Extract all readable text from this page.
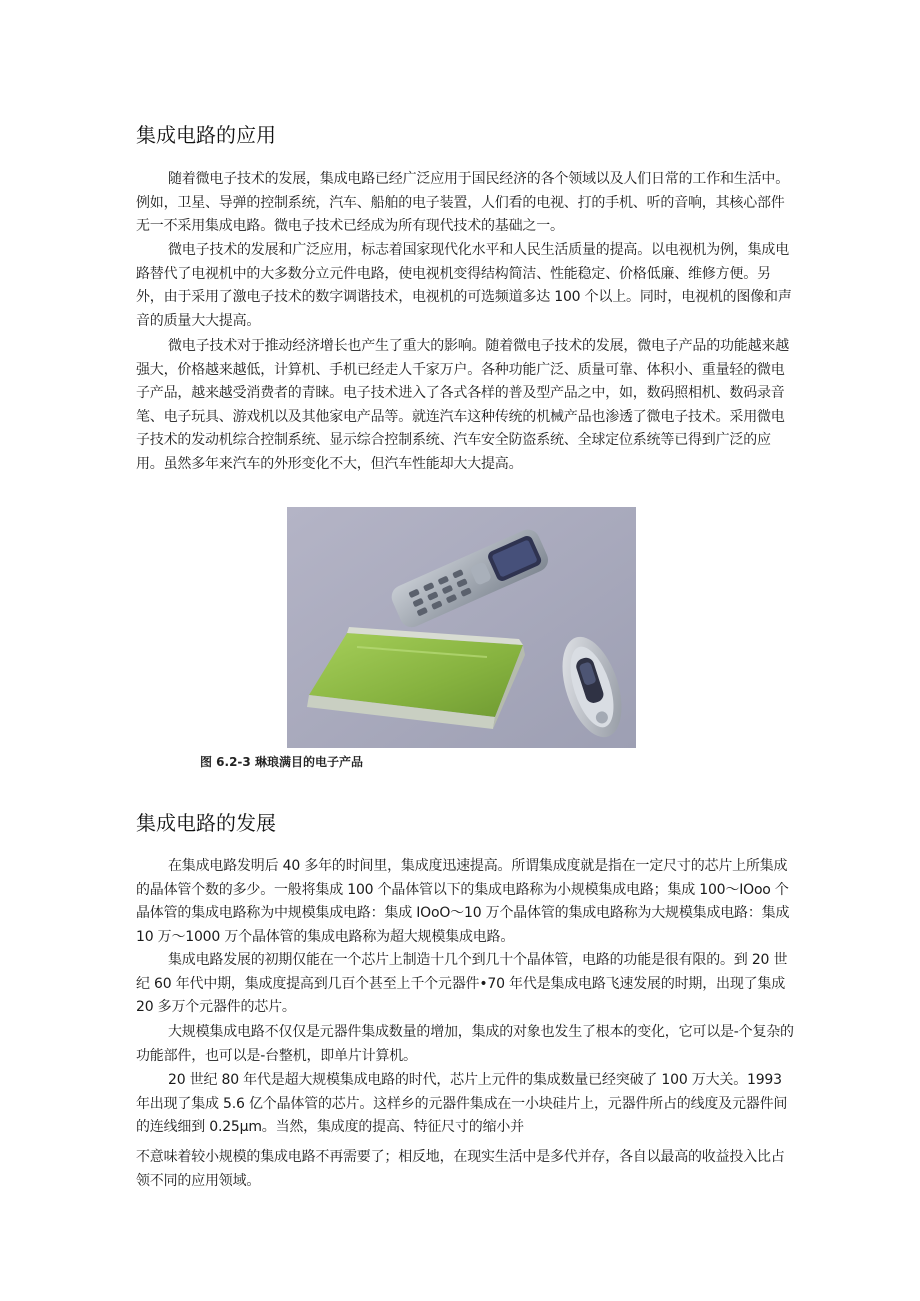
集成电路的应用

随着微电子技术的发展，集成电路已经广泛应用于国民经济的各个领域以及人们日常的工作和生活中。例如，卫星、导弹的控制系统，汽车、船舶的电子装置，人们看的电视、打的手机、听的音响，其核心部件无一不采用集成电路。微电子技术已经成为所有现代技术的基础之一。

微电子技术的发展和广泛应用，标志着国家现代化水平和人民生活质量的提高。以电视机为例，集成电路替代了电视机中的大多数分立元件电路，使电视机变得结构简洁、性能稳定、价格低廉、维修方便。另外，由于采用了激电子技术的数字调谐技术，电视机的可选频道多达 100 个以上。同时，电视机的图像和声音的质量大大提高。

微电子技术对于推动经济增长也产生了重大的影响。随着微电子技术的发展，微电子产品的功能越来越强大，价格越来越低，计算机、手机已经走人千家万户。各种功能广泛、质量可靠、体积小、重量轻的微电子产品，越来越受消费者的青睐。电子技术进入了各式各样的普及型产品之中，如，数码照相机、数码录音笔、电子玩具、游戏机以及其他家电产品等。就连汽车这种传统的机械产品也渗透了微电子技术。采用微电子技术的发动机综合控制系统、显示综合控制系统、汽车安全防盗系统、全球定位系统等已得到广泛的应用。虽然多年来汽车的外形变化不大，但汽车性能却大大提高。

图 6.2-3 琳琅满目的电子产品

集成电路的发展

在集成电路发明后 40 多年的时间里，集成度迅速提高。所谓集成度就是指在一定尺寸的芯片上所集成的晶体管个数的多少。一般将集成 100 个晶体管以下的集成电路称为小规模集成电路；集成 100～IOoo 个晶体管的集成电路称为中规模集成电路：集成 IOoO～10 万个晶体管的集成电路称为大规模集成电路：集成 10 万～1000 万个晶体管的集成电路称为超大规模集成电路。

集成电路发展的初期仅能在一个芯片上制造十几个到几十个晶体管，电路的功能是很有限的。到 20 世纪 60 年代中期，集成度提高到几百个甚至上千个元器件•70 年代是集成电路飞速发展的时期，出现了集成 20 多万个元器件的芯片。

大规模集成电路不仅仅是元器件集成数量的增加，集成的对象也发生了根本的变化，它可以是-个复杂的功能部件，也可以是-台整机，即单片计算机。

20 世纪 80 年代是超大规模集成电路的时代，芯片上元件的集成数量已经突破了 100 万大关。1993 年出现了集成 5.6 亿个晶体管的芯片。这样乡的元器件集成在一小块硅片上，元器件所占的线度及元器件间的连线细到 0.25μm。当然，集成度的提高、特征尺寸的缩小并

不意味着较小规模的集成电路不再需要了；相反地，在现实生活中是多代并存，各自以最高的收益投入比占领不同的应用领域。
